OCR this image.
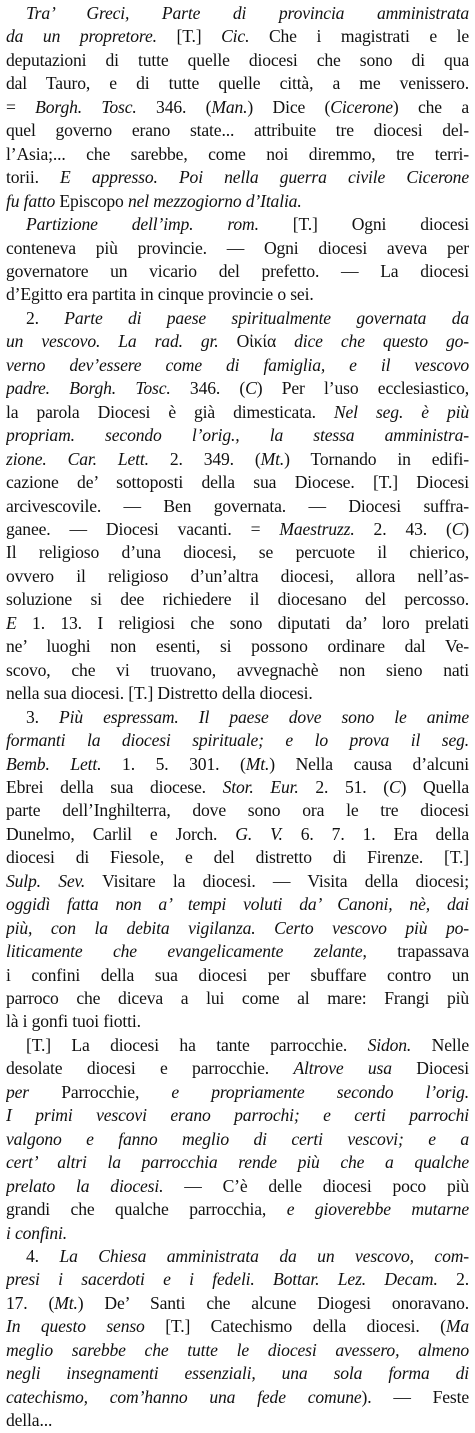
Tra’ Greci, Parte di provincia amministrata
da un propretore. [T.] Cic. Che i magistrati e le
deputazioni di tutte quelle diocesi che sono di qua
dal Tauro, e di tutte quelle città, a me venissero.
= Borgh. Tosc. 346. (Man.) Dice (Cicerone) che a
quel governo erano state... attribuite tre diocesi del-
l’Asia;... che sarebbe, come noi diremmo, tre terri-
torii. E appresso. Poi nella guerra civile Cicerone
fu fatto Episcopo nel mezzogiorno d’Italia.
Partizione dell’imp. rom. [T.] Ogni diocesi
conteneva più provincie. — Ogni diocesi aveva per
governatore un vicario del prefetto. — La diocesi
d’Egitto era partita in cinque provincie o sei.
2. Parte di paese spiritualmente governata da
un vescovo. La rad. gr. Οἰκία dice che questo go-
verno dev’essere come di famiglia, e il vescovo
padre. Borgh. Tosc. 346. (C) Per l’uso ecclesiastico,
la parola Diocesi è già dimesticata. Nel seg. è più
propriam. secondo l’orig., la stessa amministra-
zione. Car. Lett. 2. 349. (Mt.) Tornando in edifi-
cazione de’ sottoposti della sua Diocese. [T.] Diocesi
arcivescovile. — Ben governata. — Diocesi suffra-
ganee. — Diocesi vacanti. = Maestruzz. 2. 43. (C)
Il religioso d’una diocesi, se percuote il chierico,
ovvero il religioso d’un’altra diocesi, allora nell’as-
soluzione si dee richiedere il diocesano del percosso.
E 1. 13. I religiosi che sono diputati da’ loro prelati
ne’ luoghi non esenti, si possono ordinare dal Ve-
scovo, che vi truovano, avvegnachè non sieno nati
nella sua diocesi. [T.] Distretto della diocesi.
3. Più espressam. Il paese dove sono le anime
formanti la diocesi spirituale; e lo prova il seg.
Bemb. Lett. 1. 5. 301. (Mt.) Nella causa d’alcuni
Ebrei della sua diocese. Stor. Eur. 2. 51. (C) Quella
parte dell’Inghilterra, dove sono ora le tre diocesi
Dunelmo, Carlil e Jorch. G. V. 6. 7. 1. Era della
diocesi di Fiesole, e del distretto di Firenze. [T.]
Sulp. Sev. Visitare la diocesi. — Visita della diocesi;
oggidì fatta non a’ tempi voluti da’ Canoni, nè, dai
più, con la debita vigilanza. Certo vescovo più po-
liticamente che evangelicamente zelante, trapassava
i confini della sua diocesi per sbuffare contro un
parroco che diceva a lui come al mare: Frangi più
là i gonfi tuoi fiotti.
[T.] La diocesi ha tante parrocchie. Sidon. Nelle
desolate diocesi e parrocchie. Altrove usa Diocesi
per Parrocchie, e propriamente secondo l’orig.
I primi vescovi erano parrochi; e certi parrochi
valgono e fanno meglio di certi vescovi; e a
cert’ altri la parrocchia rende più che a qualche
prelato la diocesi. — C’è delle diocesi poco più
grandi che qualche parrocchia, e gioverebbe mutarne
i confini.
4. La Chiesa amministrata da un vescovo, com-
presi i sacerdoti e i fedeli. Bottar. Lez. Decam. 2.
17. (Mt.) De’ Santi che alcune Diogesi onoravano.
In questo senso [T.] Catechismo della diocesi. (Ma
meglio sarebbe che tutte le diocesi avessero, almeno
negli insegnamenti essenziali, una sola forma di
catechismo, com’hanno una fede comune). — Feste
della...
